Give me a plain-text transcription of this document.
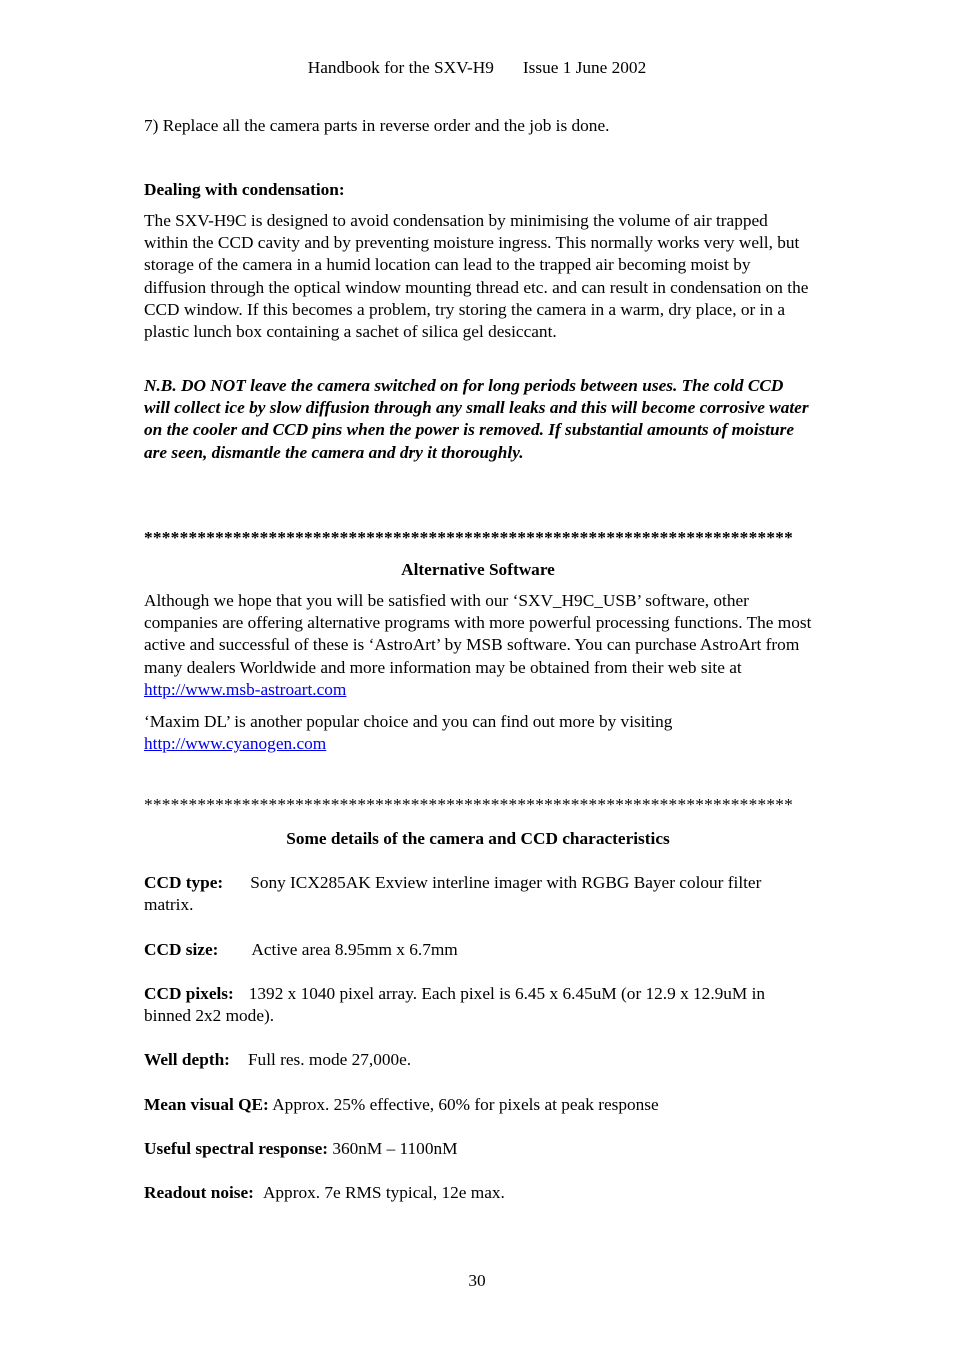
Handbook for the SXV-H9 Issue 1 June 2002

7) Replace all the camera parts in reverse order and the job is done.

Dealing with condensation:

The SXV-H9C is designed to avoid condensation by minimising the volume of air trapped within the CCD cavity and by preventing moisture ingress. This normally works very well, but storage of the camera in a humid location can lead to the trapped air becoming moist by diffusion through the optical window mounting thread etc. and can result in condensation on the CCD window. If this becomes a problem, try storing the camera in a warm, dry place, or in a plastic lunch box containing a sachet of silica gel desiccant.

N.B. DO NOT leave the camera switched on for long periods between uses. The cold CCD will collect ice by slow diffusion through any small leaks and this will become corrosive water on the cooler and CCD pins when the power is removed. If substantial amounts of moisture are seen, dismantle the camera and dry it thoroughly.

*************************************************************************

Alternative Software

Although we hope that you will be satisfied with our ‘SXV_H9C_USB’ software, other companies are offering alternative programs with more powerful processing functions. The most active and successful of these is ‘AstroArt’ by MSB software. You can purchase AstroArt from many dealers Worldwide and more information may be obtained from their web site at http://www.msb-astroart.com

‘Maxim DL’ is another popular choice and you can find out more by visiting
http://www.cyanogen.com

*************************************************************************

Some details of the camera and CCD characteristics

CCD type: Sony ICX285AK Exview interline imager with RGBG Bayer colour filter matrix.

CCD size: Active area 8.95mm x 6.7mm

CCD pixels: 1392 x 1040 pixel array. Each pixel is 6.45 x 6.45uM (or 12.9 x 12.9uM in binned 2x2 mode).

Well depth: Full res. mode 27,000e.

Mean visual QE: Approx. 25% effective, 60% for pixels at peak response

Useful spectral response: 360nM – 1100nM

Readout noise: Approx. 7e RMS typical, 12e max.

30
